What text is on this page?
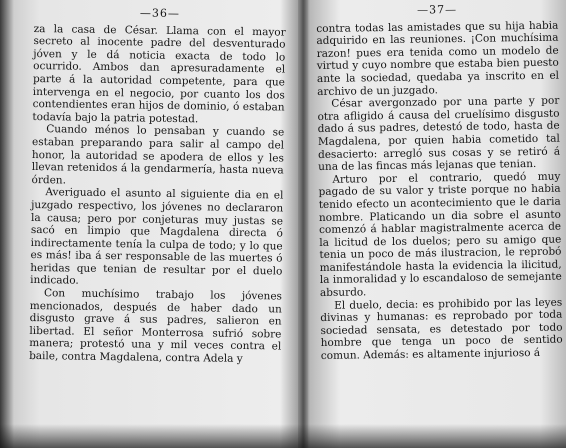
—36—

za la casa de César. Llama con el mayor secreto al inocente padre del desventurado jóven y le dá noticia exacta de todo lo ocurrido. Ambos dan apresuradamente el parte á la autoridad competente, para que intervenga en el negocio, por cuanto los dos contendientes eran hijos de dominio, ó estaban todavía bajo la patria potestad.

Cuando ménos lo pensaban y cuando se estaban preparando para salir al campo del honor, la autoridad se apodera de ellos y les llevan retenidos á la gendarmería, hasta nueva órden.

Averiguado el asunto al siguiente dia en el juzgado respectivo, los jóvenes no declararon la causa; pero por conjeturas muy justas se sacó en limpio que Magdalena directa ó indirectamente tenía la culpa de todo; y lo que es más! iba á ser responsable de las muertes ó heridas que tenian de resultar por el duelo indicado.

Con muchísimo trabajo los jóvenes mencionados, después de haber dado un disgusto grave á sus padres, salieron en libertad. El señor Monterrosa sufrió sobre manera; protestó una y mil veces contra el baile, contra Magdalena, contra Adela y

—37—

contra todas las amistades que su hija habia adquirido en las reuniones. ¡Con muchísima razon! pues era tenida como un modelo de virtud y cuyo nombre que estaba bien puesto ante la sociedad, quedaba ya inscrito en el archivo de un juzgado.

César avergonzado por una parte y por otra afligido á causa del cruelísimo disgusto dado á sus padres, detestó de todo, hasta de Magdalena, por quien habia cometido tal desacierto: arregló sus cosas y se retiró á una de las fincas más lejanas que tenian.

Arturo por el contrario, quedó muy pagado de su valor y triste porque no habia tenido efecto un acontecimiento que le daria nombre. Platicando un dia sobre el asunto comenzó á hablar magistralmente acerca de la licitud de los duelos; pero su amigo que tenia un poco de más ilustracion, le reprobó manifestándole hasta la evidencia la ilicitud, la inmoralidad y lo escandaloso de semejante absurdo.

El duelo, decia: es prohibido por las leyes divinas y humanas: es reprobado por toda sociedad sensata, es detestado por todo hombre que tenga un poco de sentido comun. Además: es altamente injurioso á
